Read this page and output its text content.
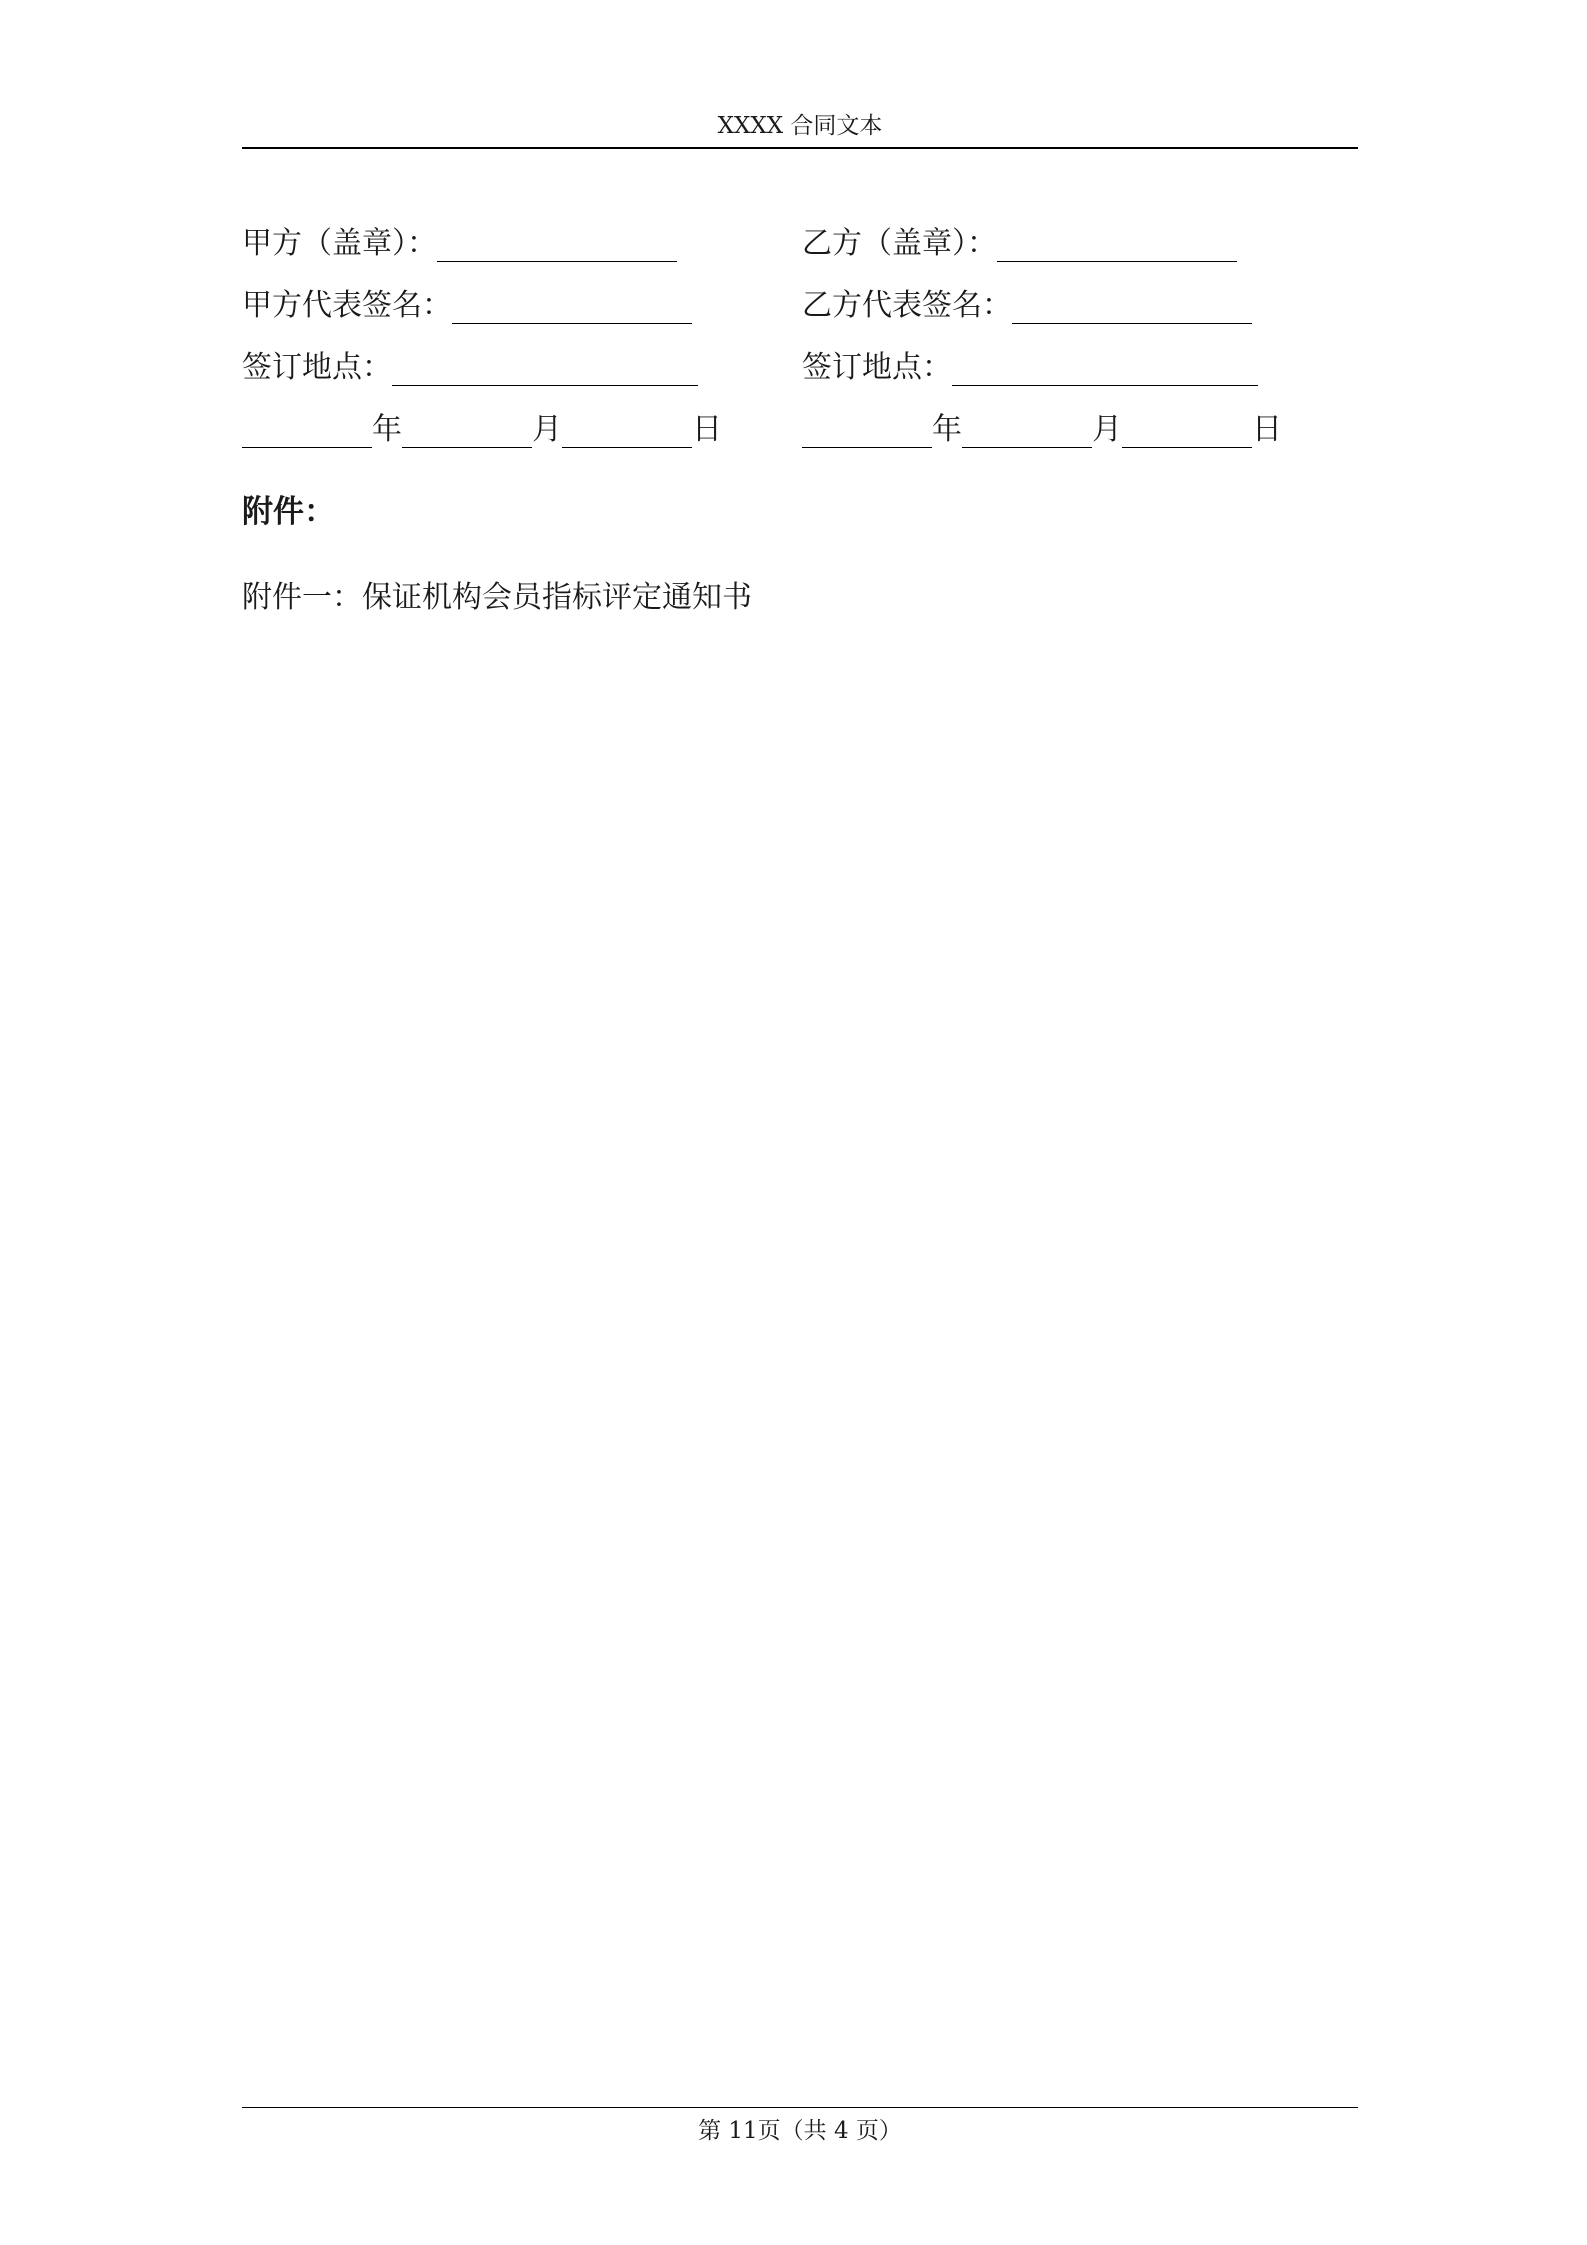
XXXX 合同文本
甲方（盖章）：
甲方代表签名：
签订地点：
年	月	日
乙方（盖章）：
乙方代表签名：
签订地点：
年	月	日
附件：
附件一：保证机构会员指标评定通知书
第 11页（共 4 页）
